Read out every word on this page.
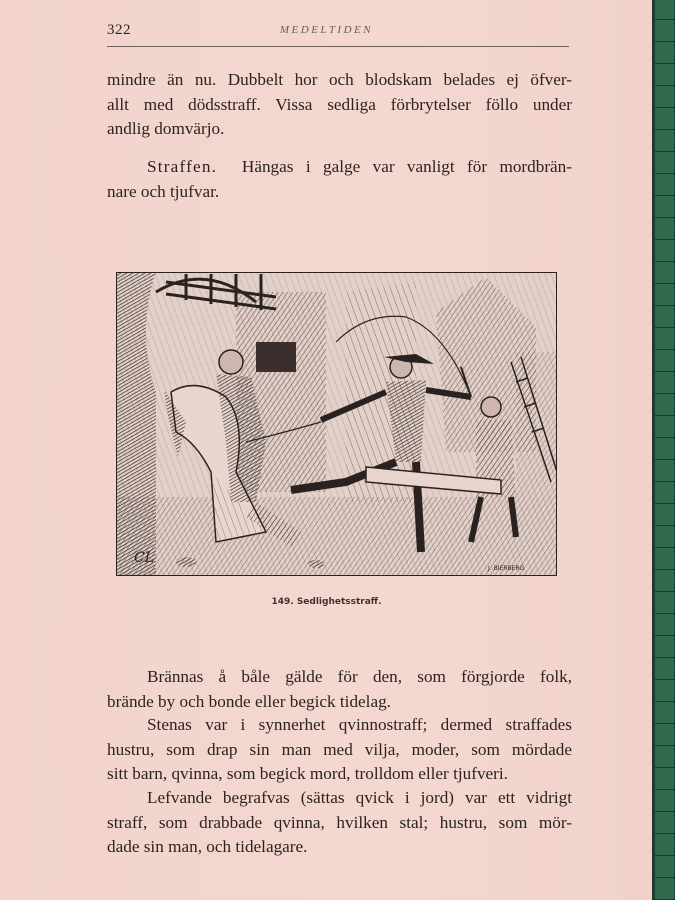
322	MEDELTIDEN
mindre än nu. Dubbelt hor och blodskam belades ej öfver-
allt med dödsstraff. Vissa sedliga förbrytelser föllo under
andlig domvärjo.
Straffen. Hängas i galge var vanligt för mordbrän-
nare och tjufvar.
CL
J. BIERBERG
149. Sedlighetsstraff.
Brännas å båle gälde för den, som förgjorde folk,
brände by och bonde eller begick tidelag.
Stenas var i synnerhet qvinnostraff; dermed straffades
hustru, som drap sin man med vilja, moder, som mördade
sitt barn, qvinna, som begick mord, trolldom eller tjufveri.
Lefvande begrafvas (sättas qvick i jord) var ett vidrigt
straff, som drabbade qvinna, hvilken stal; hustru, som mör-
dade sin man, och tidelagare.
